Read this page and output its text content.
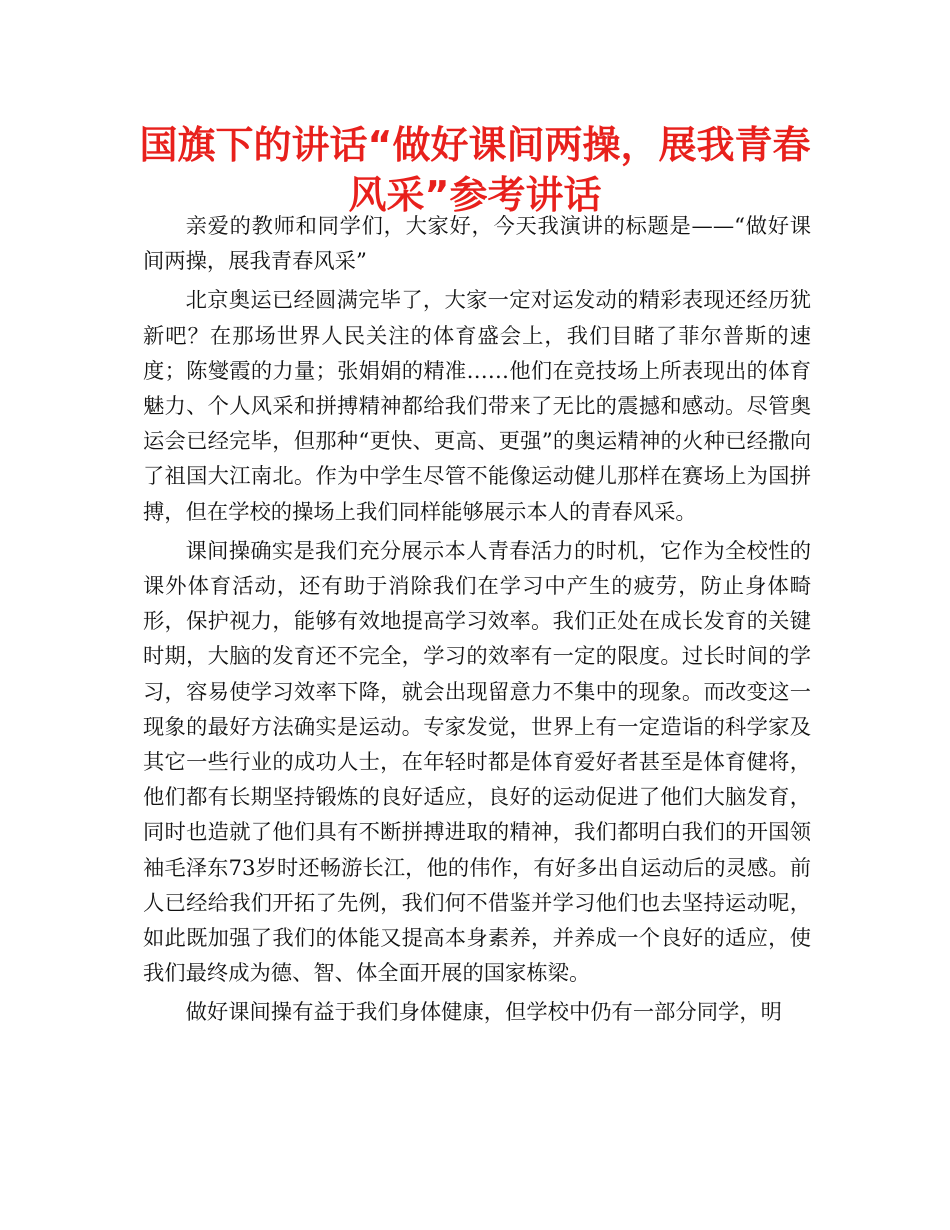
国旗下的讲话“做好课间两操，展我青春风采”参考讲话

亲爱的教师和同学们，大家好，今天我演讲的标题是——“做好课间两操，展我青春风采”

北京奥运已经圆满完毕了，大家一定对运发动的精彩表现还经历犹新吧？在那场世界人民关注的体育盛会上，我们目睹了菲尔普斯的速度；陈燮霞的力量；张娟娟的精准……他们在竞技场上所表现出的体育魅力、个人风采和拼搏精神都给我们带来了无比的震撼和感动。尽管奥运会已经完毕，但那种“更快、更高、更强”的奥运精神的火种已经撒向了祖国大江南北。作为中学生尽管不能像运动健儿那样在赛场上为国拼搏，但在学校的操场上我们同样能够展示本人的青春风采。

课间操确实是我们充分展示本人青春活力的时机，它作为全校性的课外体育活动，还有助于消除我们在学习中产生的疲劳，防止身体畸形，保护视力，能够有效地提高学习效率。我们正处在成长发育的关键时期，大脑的发育还不完全，学习的效率有一定的限度。过长时间的学习，容易使学习效率下降，就会出现留意力不集中的现象。而改变这一现象的最好方法确实是运动。专家发觉，世界上有一定造诣的科学家及其它一些行业的成功人士，在年轻时都是体育爱好者甚至是体育健将，他们都有长期坚持锻炼的良好适应，良好的运动促进了他们大脑发育，同时也造就了他们具有不断拼搏进取的精神，我们都明白我们的开国领袖毛泽东73岁时还畅游长江，他的伟作，有好多出自运动后的灵感。前人已经给我们开拓了先例，我们何不借鉴并学习他们也去坚持运动呢，如此既加强了我们的体能又提高本身素养，并养成一个良好的适应，使我们最终成为德、智、体全面开展的国家栋梁。

做好课间操有益于我们身体健康，但学校中仍有一部分同学，明
